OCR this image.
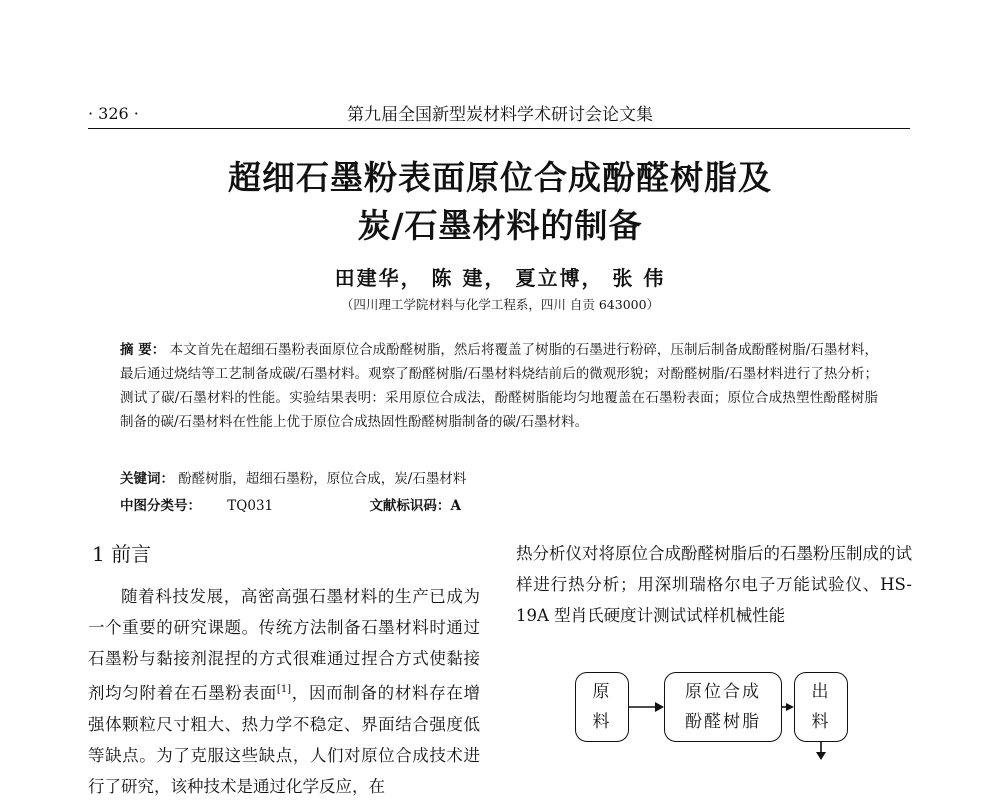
· 326 ·	第九届全国新型炭材料学术研讨会论文集
超细石墨粉表面原位合成酚醛树脂及
炭/石墨材料的制备
田建华， 陈 建， 夏立博， 张 伟
（四川理工学院材料与化学工程系，四川 自贡 643000）
摘 要： 本文首先在超细石墨粉表面原位合成酚醛树脂，然后将覆盖了树脂的石墨进行粉碎，压制后制备成酚醛树脂/石墨材料，最后通过烧结等工艺制备成碳/石墨材料。观察了酚醛树脂/石墨材料烧结前后的微观形貌；对酚醛树脂/石墨材料进行了热分析；测试了碳/石墨材料的性能。实验结果表明：采用原位合成法，酚醛树脂能均匀地覆盖在石墨粉表面；原位合成热塑性酚醛树脂制备的碳/石墨材料在性能上优于原位合成热固性酚醛树脂制备的碳/石墨材料。
关键词： 酚醛树脂，超细石墨粉，原位合成，炭/石墨材料
中图分类号： TQ031	文献标识码：A
1 前言

随着科技发展，高密高强石墨材料的生产已成为一个重要的研究课题。传统方法制备石墨材料时通过石墨粉与黏接剂混捏的方式很难通过捏合方式使黏接剂均匀附着在石墨粉表面[1]，因而制备的材料存在增强体颗粒尺寸粗大、热力学不稳定、界面结合强度低等缺点。为了克服这些缺点，人们对原位合成技术进行了研究，该种技术是通过化学反应，在

热分析仪对将原位合成酚醛树脂后的石墨粉压制成的试样进行热分析；用深圳瑞格尔电子万能试验仪、HS-19A 型肖氏硬度计测试试样机械性能

原
料
原位合成
酚醛树脂
出
料
